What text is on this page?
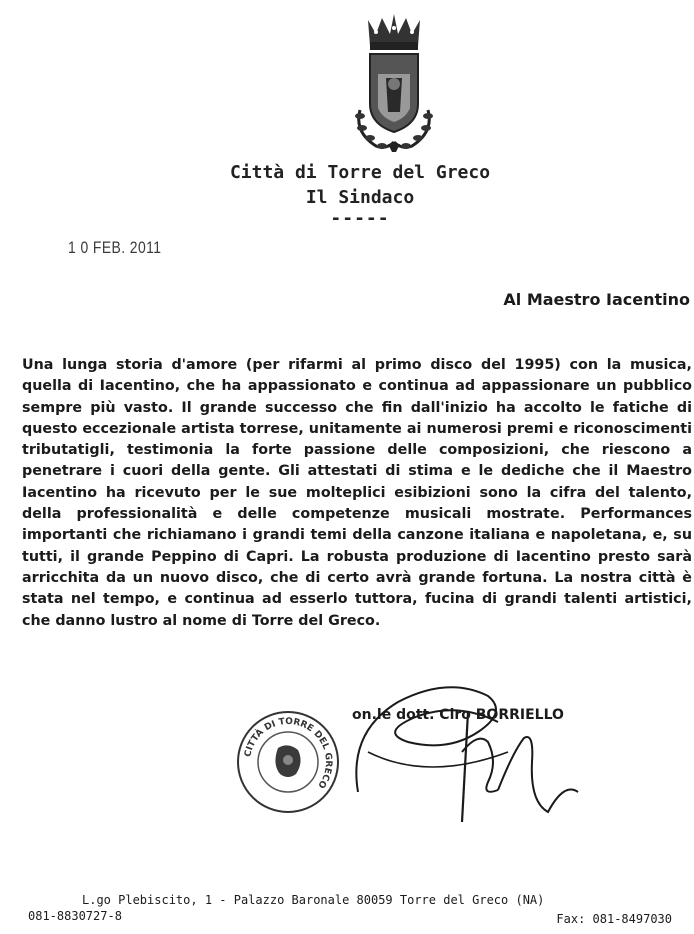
Città di Torre del Greco
Il Sindaco
-----
1 0 FEB. 2011
Al Maestro Iacentino
Una lunga storia d'amore (per rifarmi al primo disco del 1995) con la musica,
quella di Iacentino, che ha appassionato e continua ad appassionare un pubblico
sempre più vasto. Il grande successo che fin dall'inizio ha accolto le fatiche di
questo eccezionale artista torrese, unitamente ai numerosi premi e riconoscimenti
tributatigli, testimonia la forte passione delle composizioni, che riescono a
penetrare i cuori della gente. Gli attestati di stima e le dediche che il Maestro
Iacentino ha ricevuto per le sue molteplici esibizioni sono la cifra del talento,
della professionalità e delle competenze musicali mostrate. Performances
importanti che richiamano i grandi temi della canzone italiana e napoletana, e, su
tutti, il grande Peppino di Capri. La robusta produzione di Iacentino presto sarà
arricchita da un nuovo disco, che di certo avrà grande fortuna. La nostra città è
stata nel tempo, e continua ad esserlo tuttora, fucina di grandi talenti artistici,
che danno lustro al nome di Torre del Greco.
CITTÀ DI TORRE DEL GRECO
on.le dott. Ciro BORRIELLO
L.go Plebiscito, 1 - Palazzo Baronale 80059 Torre del Greco (NA)
081-8830727-8	Fax: 081-8497030
